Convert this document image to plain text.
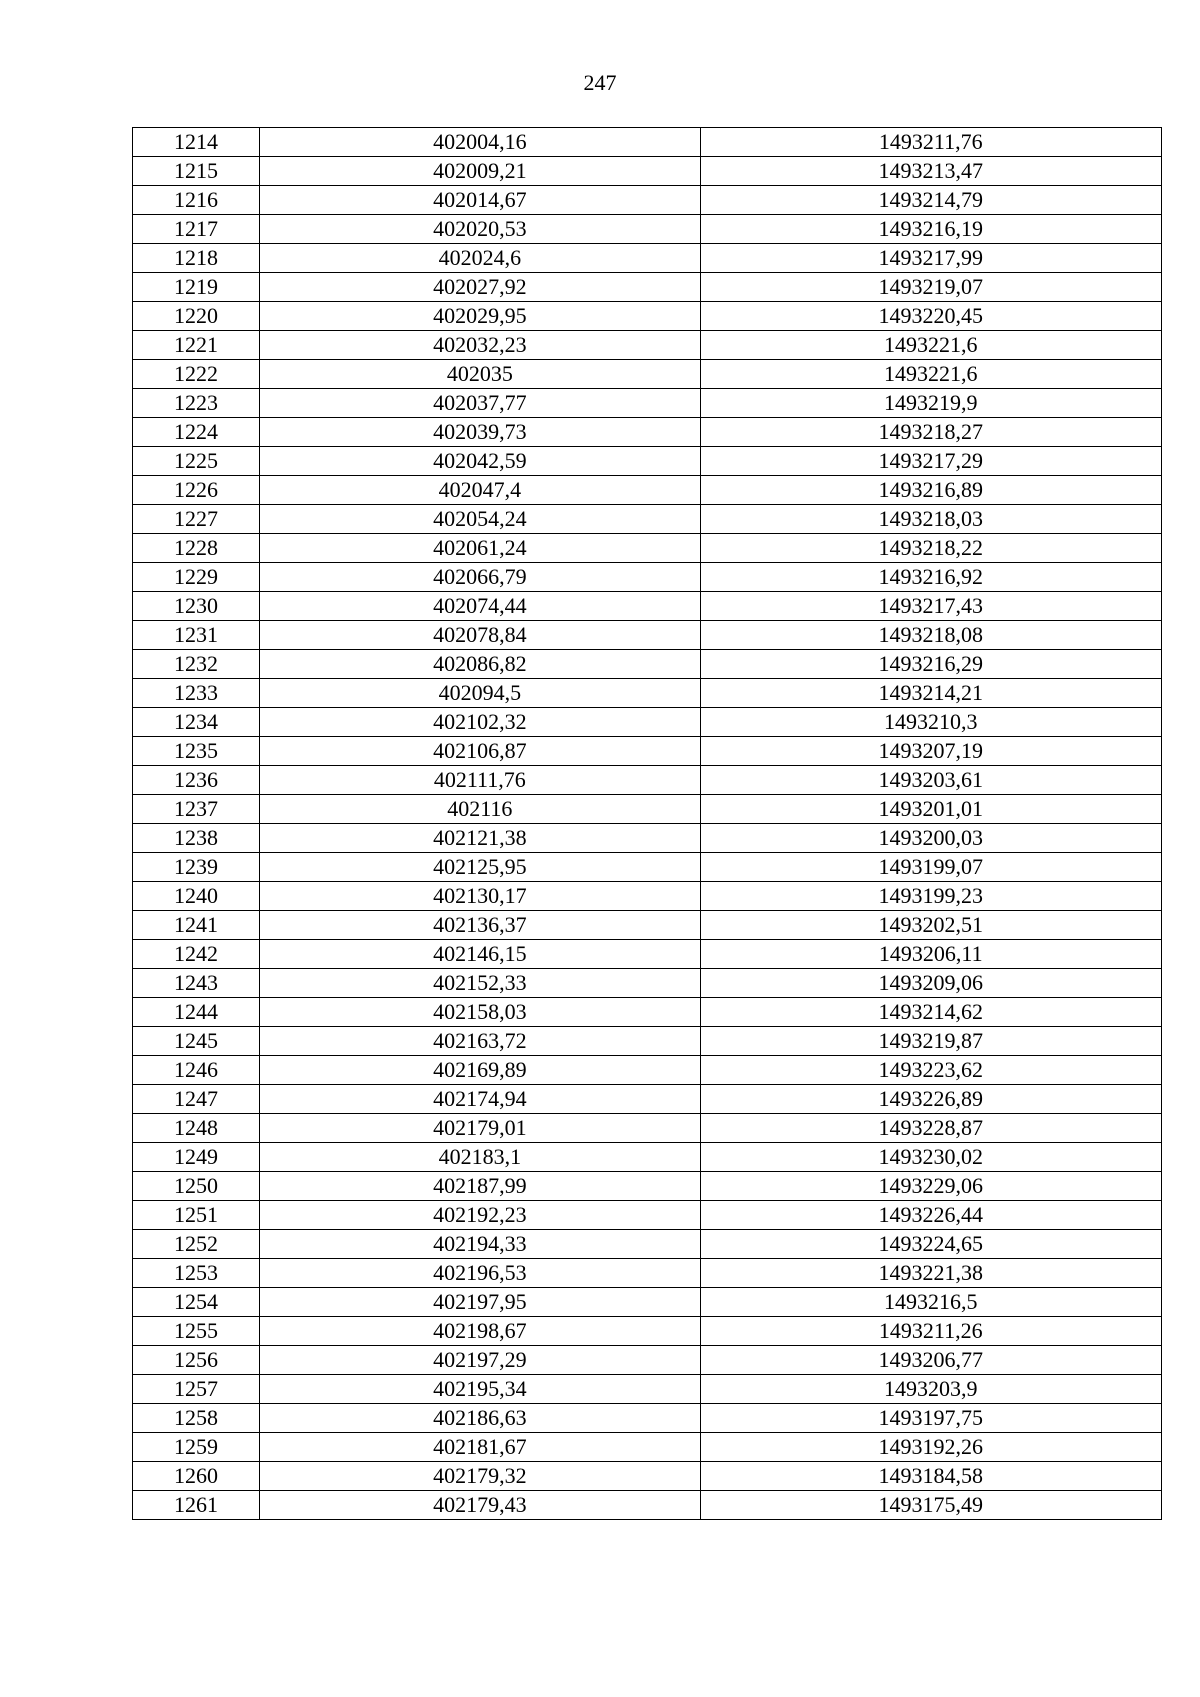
247
1214	402004,16	1493211,76
1215	402009,21	1493213,47
1216	402014,67	1493214,79
1217	402020,53	1493216,19
1218	402024,6	1493217,99
1219	402027,92	1493219,07
1220	402029,95	1493220,45
1221	402032,23	1493221,6
1222	402035	1493221,6
1223	402037,77	1493219,9
1224	402039,73	1493218,27
1225	402042,59	1493217,29
1226	402047,4	1493216,89
1227	402054,24	1493218,03
1228	402061,24	1493218,22
1229	402066,79	1493216,92
1230	402074,44	1493217,43
1231	402078,84	1493218,08
1232	402086,82	1493216,29
1233	402094,5	1493214,21
1234	402102,32	1493210,3
1235	402106,87	1493207,19
1236	402111,76	1493203,61
1237	402116	1493201,01
1238	402121,38	1493200,03
1239	402125,95	1493199,07
1240	402130,17	1493199,23
1241	402136,37	1493202,51
1242	402146,15	1493206,11
1243	402152,33	1493209,06
1244	402158,03	1493214,62
1245	402163,72	1493219,87
1246	402169,89	1493223,62
1247	402174,94	1493226,89
1248	402179,01	1493228,87
1249	402183,1	1493230,02
1250	402187,99	1493229,06
1251	402192,23	1493226,44
1252	402194,33	1493224,65
1253	402196,53	1493221,38
1254	402197,95	1493216,5
1255	402198,67	1493211,26
1256	402197,29	1493206,77
1257	402195,34	1493203,9
1258	402186,63	1493197,75
1259	402181,67	1493192,26
1260	402179,32	1493184,58
1261	402179,43	1493175,49
